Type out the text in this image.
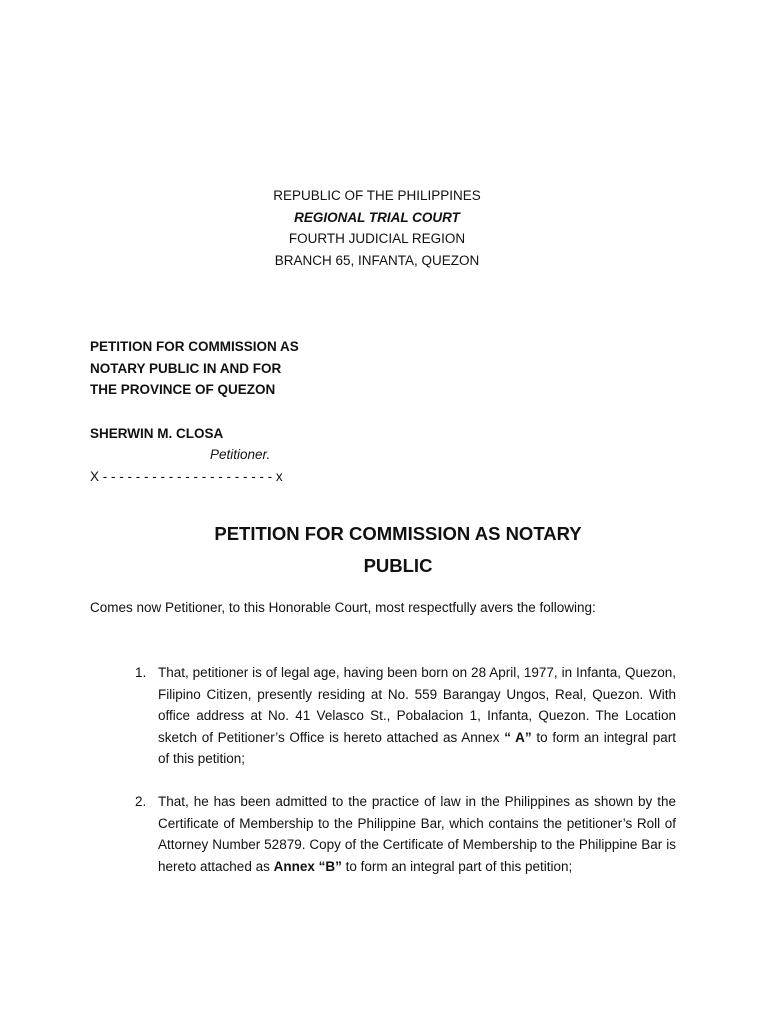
REPUBLIC OF THE PHILIPPINES
REGIONAL TRIAL COURT
FOURTH JUDICIAL REGION
BRANCH 65, INFANTA, QUEZON
PETITION FOR COMMISSION AS
NOTARY PUBLIC IN AND FOR
THE PROVINCE OF QUEZON
SHERWIN M. CLOSA
Petitioner.
X - - - - - - - - - - - - - - - - - - - - - x
PETITION FOR COMMISSION AS NOTARY
PUBLIC
Comes now Petitioner, to this Honorable Court, most respectfully avers the following:
1. That, petitioner is of legal age, having been born on 28 April, 1977, in Infanta, Quezon, Filipino Citizen, presently residing at No. 559 Barangay Ungos, Real, Quezon. With office address at No. 41 Velasco St., Pobalacion 1, Infanta, Quezon. The Location sketch of Petitioner’s Office is hereto attached as Annex “ A” to form an integral part of this petition;
2. That, he has been admitted to the practice of law in the Philippines as shown by the Certificate of Membership to the Philippine Bar, which contains the petitioner’s Roll of Attorney Number 52879. Copy of the Certificate of Membership to the Philippine Bar is hereto attached as Annex “B” to form an integral part of this petition;
